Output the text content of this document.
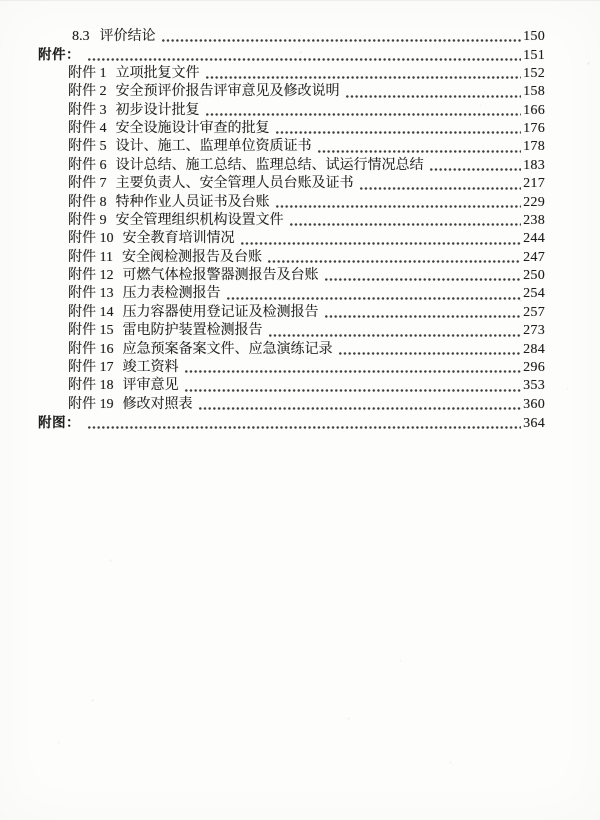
8.3 评价结论	150
附件：	151
附件 1 立项批复文件	152
附件 2 安全预评价报告评审意见及修改说明	158
附件 3 初步设计批复	166
附件 4 安全设施设计审查的批复	176
附件 5 设计、施工、监理单位资质证书	178
附件 6 设计总结、施工总结、监理总结、试运行情况总结	183
附件 7 主要负责人、安全管理人员台账及证书	217
附件 8 特种作业人员证书及台账	229
附件 9 安全管理组织机构设置文件	238
附件 10 安全教育培训情况	244
附件 11 安全阀检测报告及台账	247
附件 12 可燃气体检报警器测报告及台账	250
附件 13 压力表检测报告	254
附件 14 压力容器使用登记证及检测报告	257
附件 15 雷电防护装置检测报告	273
附件 16 应急预案备案文件、应急演练记录	284
附件 17 竣工资料	296
附件 18 评审意见	353
附件 19 修改对照表	360
附图：	364
